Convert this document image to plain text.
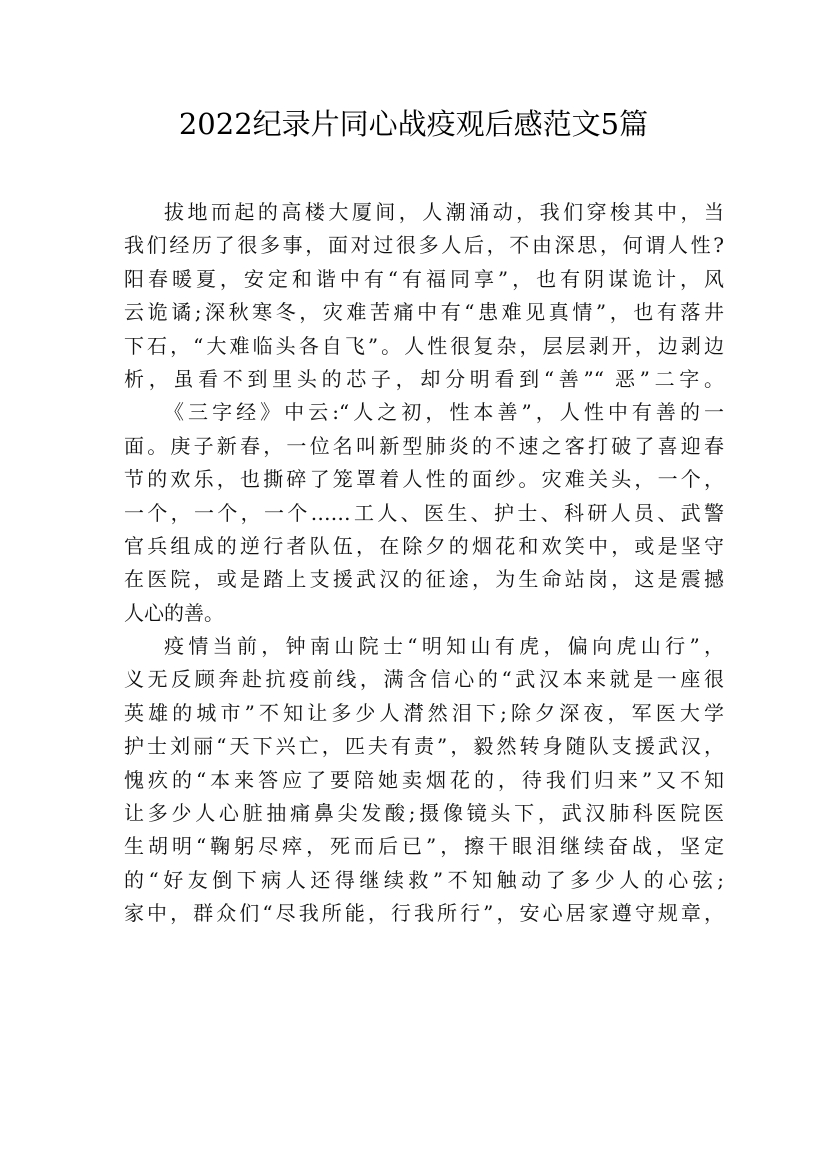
2022纪录片同心战疫观后感范文5篇
拔地而起的高楼大厦间，人潮涌动，我们穿梭其中，当
我们经历了很多事，面对过很多人后，不由深思，何谓人性?
阳春暖夏，安定和谐中有“有福同享”，也有阴谋诡计，风
云诡谲;深秋寒冬，灾难苦痛中有“患难见真情”，也有落井
下石，“大难临头各自飞”。人性很复杂，层层剥开，边剥边
析，虽看不到里头的芯子，却分明看到“善”“ 恶”二字。
《三字经》中云:“人之初，性本善”，人性中有善的一
面。庚子新春，一位名叫新型肺炎的不速之客打破了喜迎春
节的欢乐，也撕碎了笼罩着人性的面纱。灾难关头，一个，
一个，一个，一个……工人、医生、护士、科研人员、武警
官兵组成的逆行者队伍，在除夕的烟花和欢笑中，或是坚守
在医院，或是踏上支援武汉的征途，为生命站岗，这是震撼
人心的善。
疫情当前，钟南山院士“明知山有虎，偏向虎山行”，
义无反顾奔赴抗疫前线，满含信心的“武汉本来就是一座很
英雄的城市”不知让多少人潸然泪下;除夕深夜，军医大学
护士刘丽“天下兴亡，匹夫有责”，毅然转身随队支援武汉，
愧疚的“本来答应了要陪她卖烟花的，待我们归来”又不知
让多少人心脏抽痛鼻尖发酸;摄像镜头下，武汉肺科医院医
生胡明“鞠躬尽瘁，死而后已”，擦干眼泪继续奋战，坚定
的“好友倒下病人还得继续救”不知触动了多少人的心弦;
家中，群众们“尽我所能，行我所行”，安心居家遵守规章，
